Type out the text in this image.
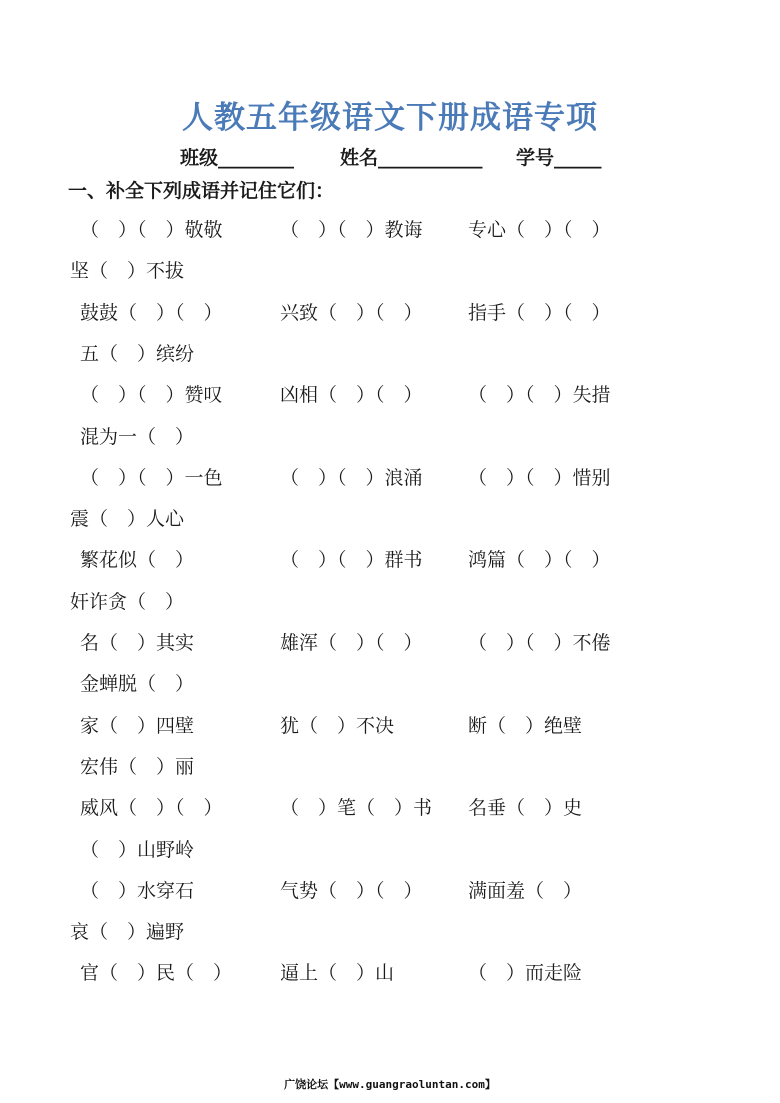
人教五年级语文下册成语专项
班级________ 姓名___________ 学号_____
一、补全下列成语并记住它们：
（　）（　）敬敬	（　）（　）教诲 专心（　）（　）
坚（　）不拔
鼓鼓（　）（　）	兴致（　）（　） 指手（　）（　）
五（　）缤纷
（　）（　）赞叹	凶相（　）（　） （　）（　）失措
混为一（　）
（　）（　）一色	（　）（　）浪涌 （　）（　）惜别
震（　）人心
繁花似（　）	（　）（　）群书 鸿篇（　）（　）
奸诈贪（　）
名（　）其实	雄浑（　）（　） （　）（　）不倦
金蝉脱（　）
家（　）四壁	犹（　）不决	断（　）绝壁
宏伟（　）丽
威风（　）（　）	（　）笔（　）书 名垂（　）史
（　）山野岭
（　）水穿石	气势（　）（　） 满面羞（　）
哀（　）遍野
官（　）民（　）	逼上（　）山	（　）而走险
广饶论坛【www.guangraoluntan.com】
